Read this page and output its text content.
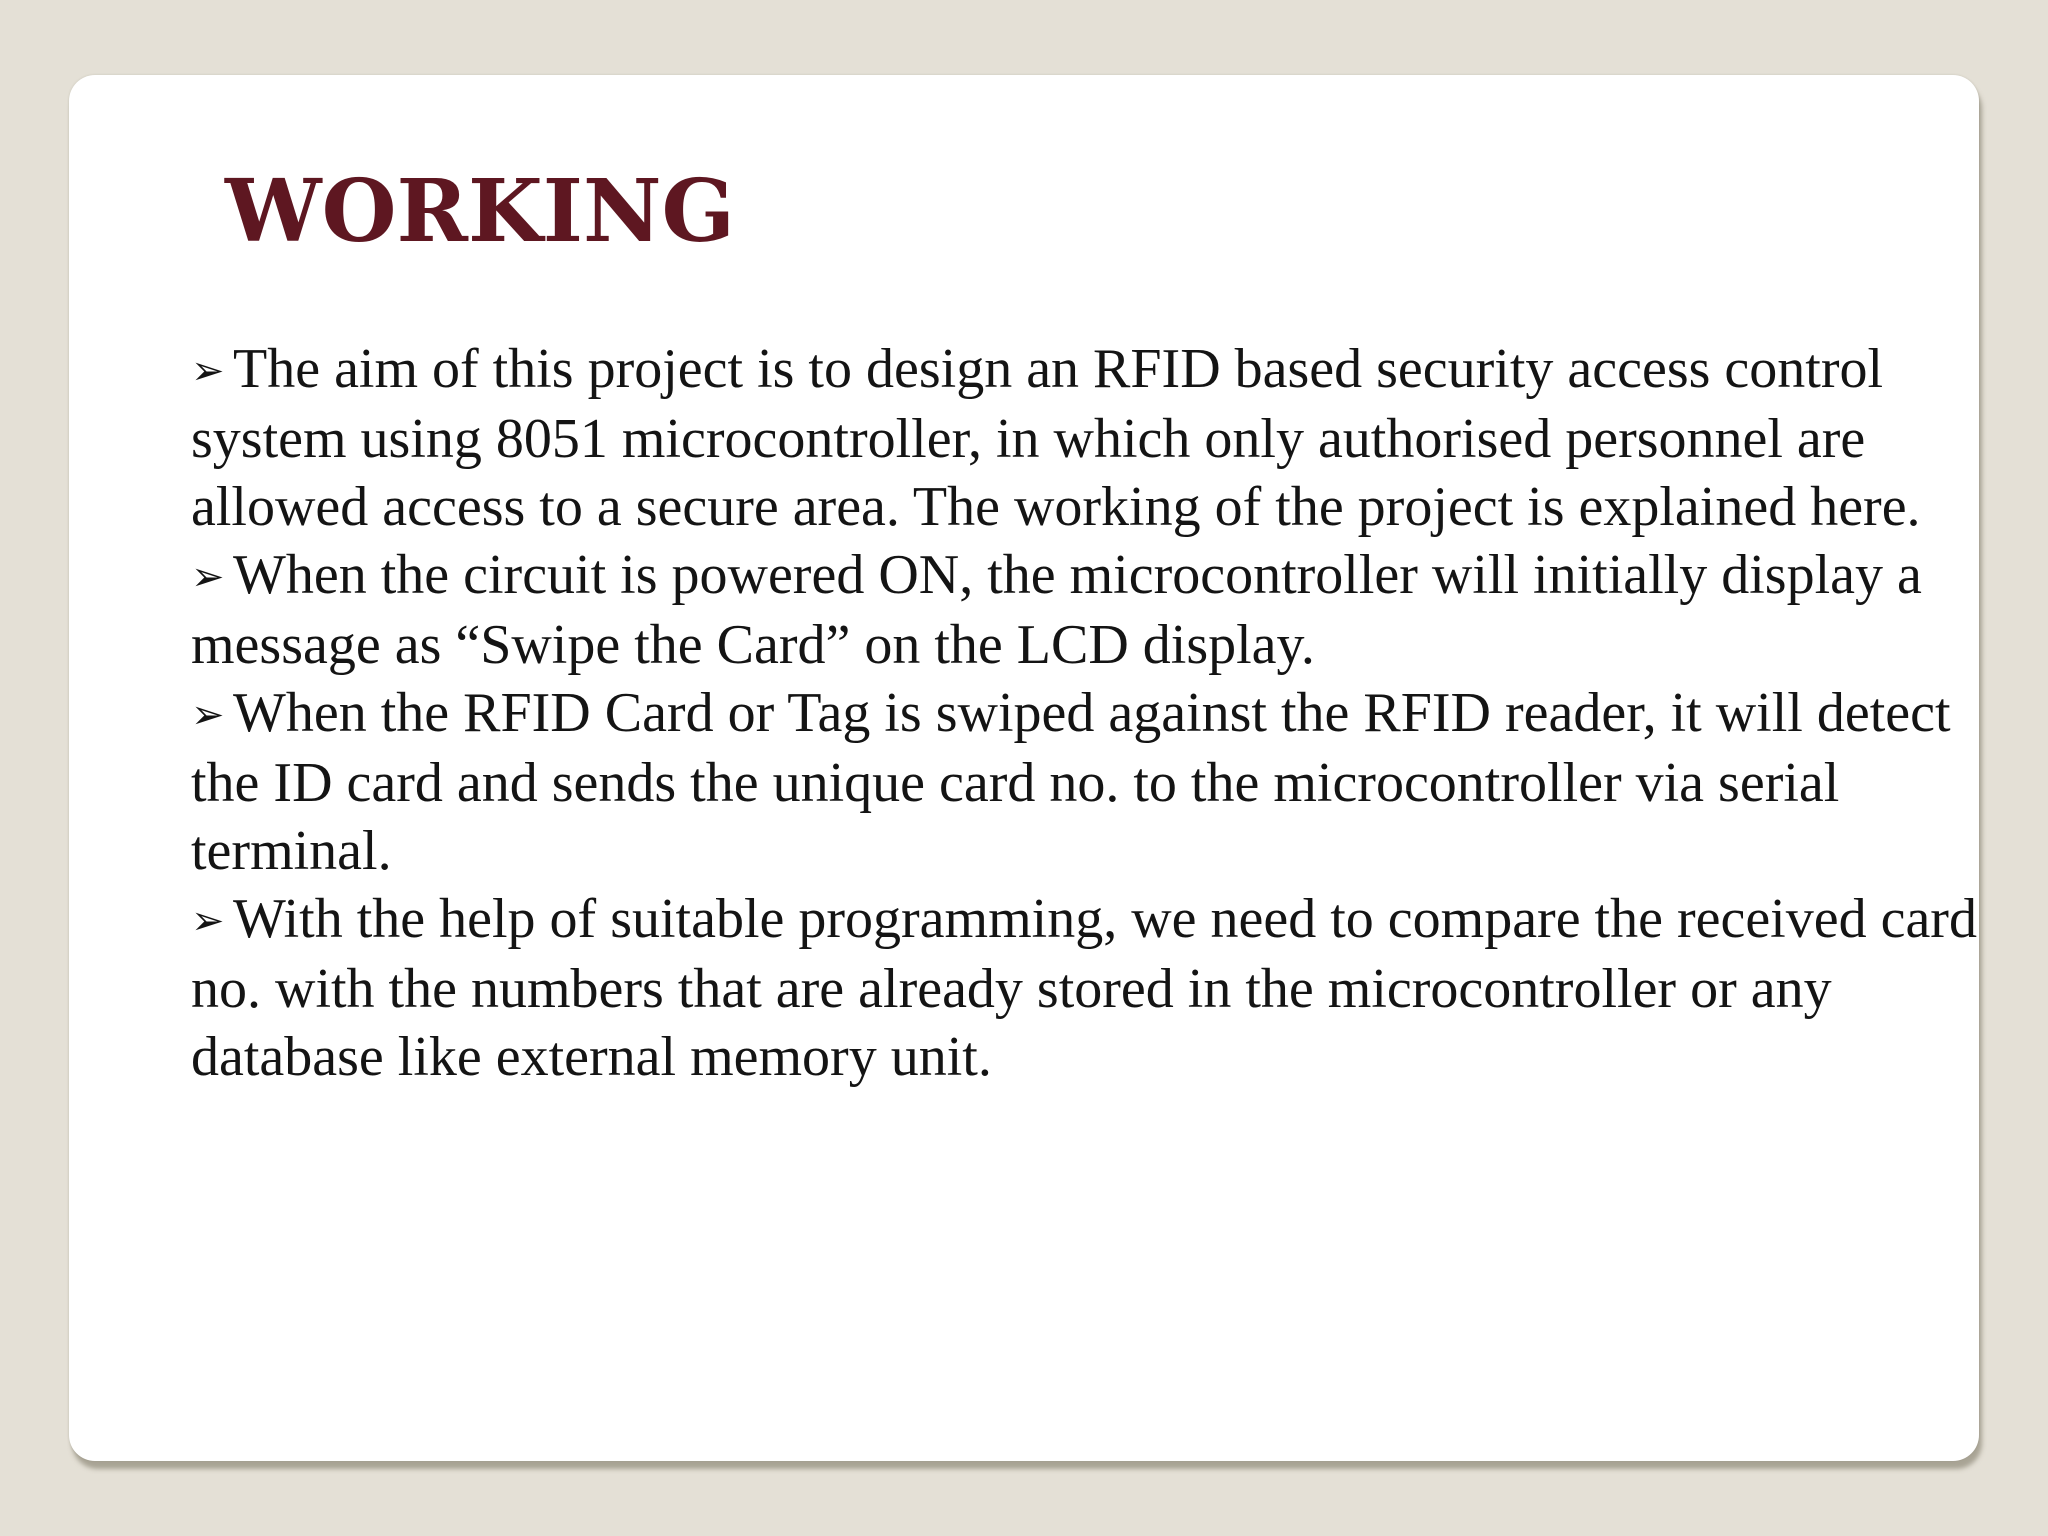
WORKING
➢ The aim of this project is to design an RFID based security access control system using 8051 microcontroller, in which only authorised personnel are allowed access to a secure area. The working of the project is explained here.
➢ When the circuit is powered ON, the microcontroller will initially display a message as “Swipe the Card” on the LCD display.
➢ When the RFID Card or Tag is swiped against the RFID reader, it will detect the ID card and sends the unique card no. to the microcontroller via serial terminal.
➢ With the help of suitable programming, we need to compare the received card no. with the numbers that are already stored in the microcontroller or any database like external memory unit.
